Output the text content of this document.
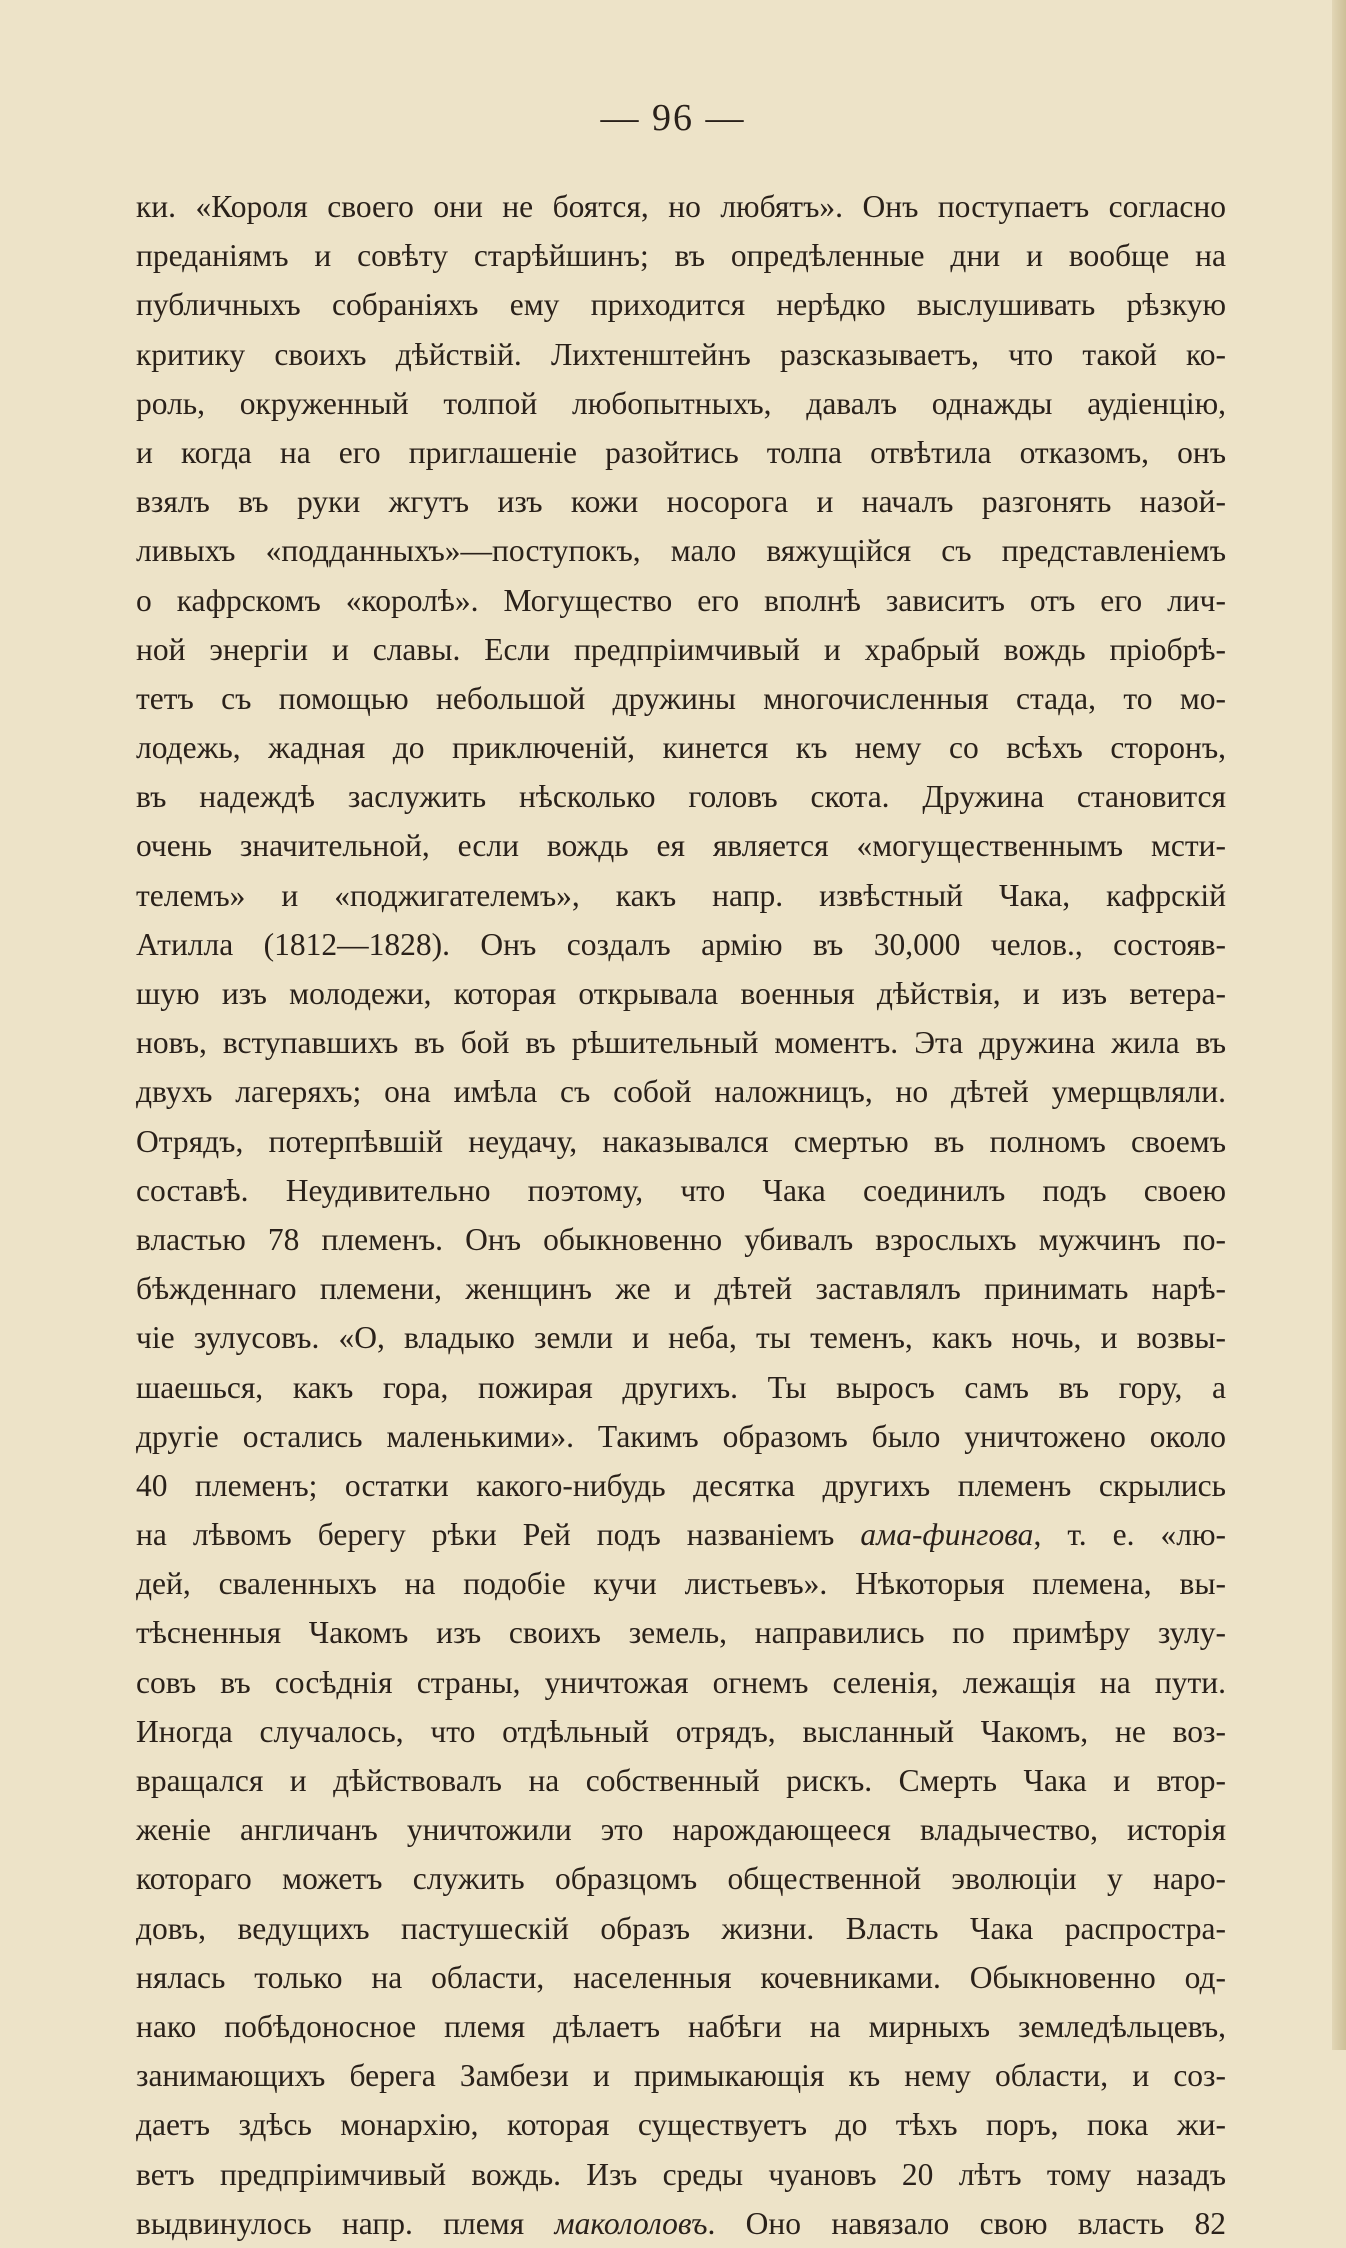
— 96 —
ки. «Короля своего они не боятся, но любятъ». Онъ поступаетъ согласно
преданіямъ и совѣту старѣйшинъ; въ опредѣленные дни и вообще на
публичныхъ собраніяхъ ему приходится нерѣдко выслушивать рѣзкую
критику своихъ дѣйствій. Лихтенштейнъ разсказываетъ, что такой ко-
роль, окруженный толпой любопытныхъ, давалъ однажды аудіенцію,
и когда на его приглашеніе разойтись толпа отвѣтила отказомъ, онъ
взялъ въ руки жгутъ изъ кожи носорога и началъ разгонять назой-
ливыхъ «подданныхъ»—поступокъ, мало вяжущійся съ представленіемъ
о кафрскомъ «королѣ». Могущество его вполнѣ зависитъ отъ его лич-
ной энергіи и славы. Если предпріимчивый и храбрый вождь пріобрѣ-
тетъ съ помощью небольшой дружины многочисленныя стада, то мо-
лодежь, жадная до приключеній, кинется къ нему со всѣхъ сторонъ,
въ надеждѣ заслужить нѣсколько головъ скота. Дружина становится
очень значительной, если вождь ея является «могущественнымъ мсти-
телемъ» и «поджигателемъ», какъ напр. извѣстный Чака, кафрскій
Атилла (1812—1828). Онъ создалъ армію въ 30,000 челов., состояв-
шую изъ молодежи, которая открывала военныя дѣйствія, и изъ ветера-
новъ, вступавшихъ въ бой въ рѣшительный моментъ. Эта дружина жила въ
двухъ лагеряхъ; она имѣла съ собой наложницъ, но дѣтей умерщвляли.
Отрядъ, потерпѣвшій неудачу, наказывался смертью въ полномъ своемъ
составѣ. Неудивительно поэтому, что Чака соединилъ подъ своею
властью 78 племенъ. Онъ обыкновенно убивалъ взрослыхъ мужчинъ по-
бѣжденнаго племени, женщинъ же и дѣтей заставлялъ принимать нарѣ-
чіе зулусовъ. «О, владыко земли и неба, ты теменъ, какъ ночь, и возвы-
шаешься, какъ гора, пожирая другихъ. Ты выросъ самъ въ гору, а
другіе остались маленькими». Такимъ образомъ было уничтожено около
40 племенъ; остатки какого-нибудь десятка другихъ племенъ скрылись
на лѣвомъ берегу рѣки Рей подъ названіемъ ама-фингова, т. е. «лю-
дей, сваленныхъ на подобіе кучи листьевъ». Нѣкоторыя племена, вы-
тѣсненныя Чакомъ изъ своихъ земель, направились по примѣру зулу-
совъ въ сосѣднія страны, уничтожая огнемъ селенія, лежащія на пути.
Иногда случалось, что отдѣльный отрядъ, высланный Чакомъ, не воз-
вращался и дѣйствовалъ на собственный рискъ. Смерть Чака и втор-
женіе англичанъ уничтожили это нарождающееся владычество, исторія
котораго можетъ служить образцомъ общественной эволюціи у наро-
довъ, ведущихъ пастушескій образъ жизни. Власть Чака распростра-
нялась только на области, населенныя кочевниками. Обыкновенно од-
нако побѣдоносное племя дѣлаетъ набѣги на мирныхъ земледѣльцевъ,
занимающихъ берега Замбези и примыкающія къ нему области, и соз-
даетъ здѣсь монархію, которая существуетъ до тѣхъ поръ, пока жи-
ветъ предпріимчивый вождь. Изъ среды чуановъ 20 лѣтъ тому назадъ
выдвинулось напр. племя макололовъ. Оно навязало свою власть 82
